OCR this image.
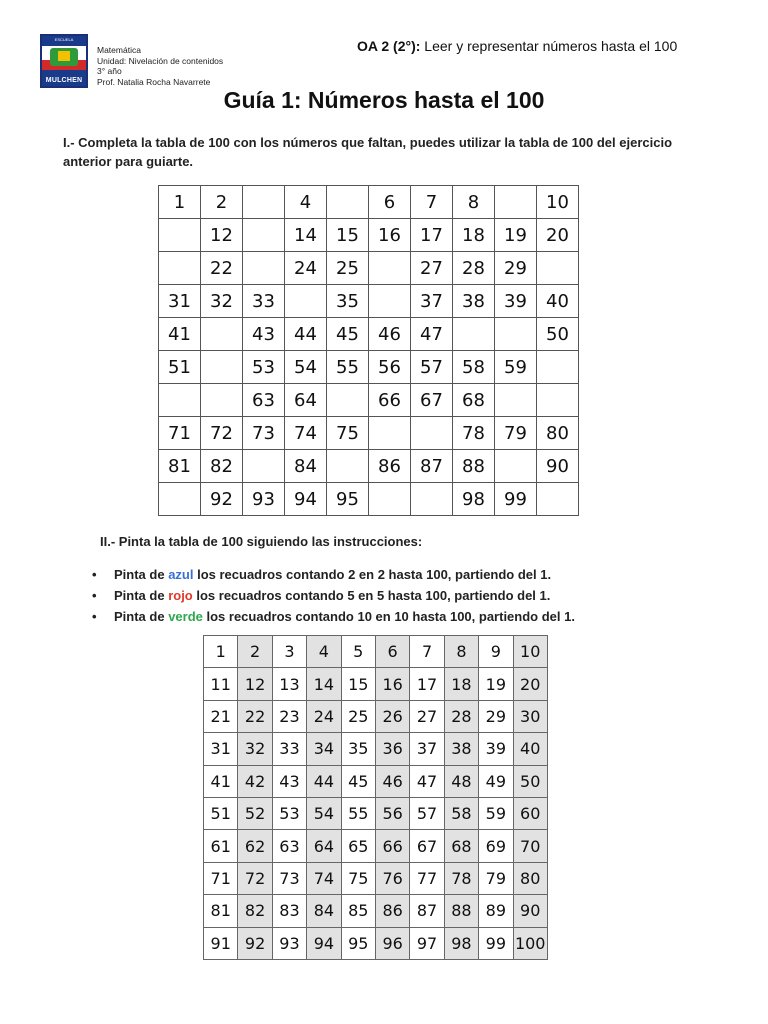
ESCUELA
MULCHEN
Matemática
Unidad: Nivelación de contenidos
3° año
Prof. Natalia Rocha Navarrete
OA 2 (2°): Leer y representar números hasta el 100
Guía 1: Números hasta el 100
I.- Completa la tabla de 100 con los números que faltan, puedes utilizar la tabla de 100 del ejercicio anterior para guiarte.
1	2		4		6	7	8		10
	12		14	15	16	17	18	19	20
	22		24	25		27	28	29	
31	32	33		35		37	38	39	40
41		43	44	45	46	47			50
51		53	54	55	56	57	58	59	
		63	64		66	67	68		
71	72	73	74	75			78	79	80
81	82		84		86	87	88		90
	92	93	94	95			98	99	
II.- Pinta la tabla de 100 siguiendo las instrucciones:
• Pinta de azul los recuadros contando 2 en 2 hasta 100, partiendo del 1.
• Pinta de rojo los recuadros contando 5 en 5 hasta 100, partiendo del 1.
• Pinta de verde los recuadros contando 10 en 10 hasta 100, partiendo del 1.
1	2	3	4	5	6	7	8	9	10
11	12	13	14	15	16	17	18	19	20
21	22	23	24	25	26	27	28	29	30
31	32	33	34	35	36	37	38	39	40
41	42	43	44	45	46	47	48	49	50
51	52	53	54	55	56	57	58	59	60
61	62	63	64	65	66	67	68	69	70
71	72	73	74	75	76	77	78	79	80
81	82	83	84	85	86	87	88	89	90
91	92	93	94	95	96	97	98	99	100
